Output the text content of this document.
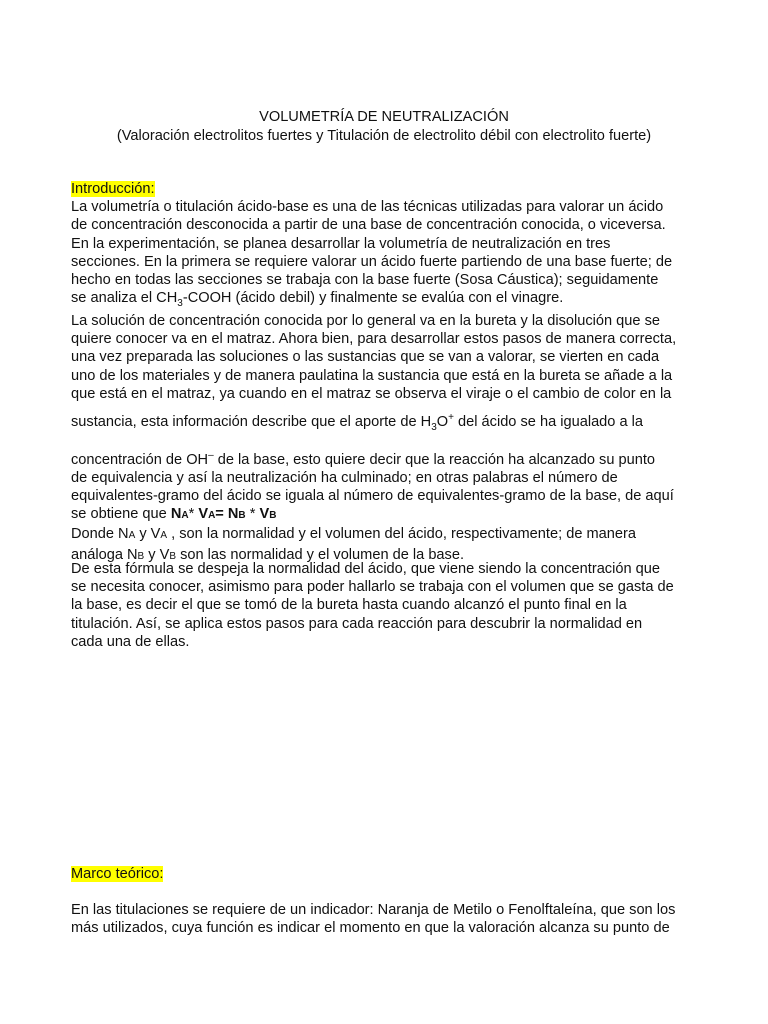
VOLUMETRÍA DE NEUTRALIZACIÓN
(Valoración electrolitos fuertes y Titulación de electrolito débil con electrolito fuerte)
Introducción:
La volumetría o titulación ácido-base es una de las técnicas utilizadas para valorar un ácido
de concentración desconocida a partir de una base de concentración conocida, o viceversa.
En la experimentación, se planea desarrollar la volumetría de neutralización en tres
secciones. En la primera se requiere valorar un ácido fuerte partiendo de una base fuerte; de
hecho en todas las secciones se trabaja con la base fuerte (Sosa Cáustica); seguidamente
se analiza el $CH_3$-COOH (ácido debil) y finalmente se evalúa con el vinagre.
La solución de concentración conocida por lo general va en la bureta y la disolución que se
quiere conocer va en el matraz. Ahora bien, para desarrollar estos pasos de manera correcta,
una vez preparada las soluciones o las sustancias que se van a valorar, se vierten en cada
uno de los materiales y de manera paulatina la sustancia que está en la bureta se añade a la
que está en el matraz, ya cuando en el matraz se observa el viraje o el cambio de color en la
sustancia, esta información describe que el aporte de $H_3O^+$ del ácido se ha igualado a la
concentración de OH– de la base, esto quiere decir que la reacción ha alcanzado su punto
de equivalencia y así la neutralización ha culminado; en otras palabras el número de
equivalentes-gramo del ácido se iguala al número de equivalentes-gramo de la base, de aquí
se obtiene que NA* VA= NB * VB
Donde NA y VA , son la normalidad y el volumen del ácido, respectivamente; de manera
análoga NB y VB son las normalidad y el volumen de la base.
De esta fórmula se despeja la normalidad del ácido, que viene siendo la concentración que
se necesita conocer, asimismo para poder hallarlo se trabaja con el volumen que se gasta de
la base, es decir el que se tomó de la bureta hasta cuando alcanzó el punto final en la
titulación. Así, se aplica estos pasos para cada reacción para descubrir la normalidad en
cada una de ellas.
Marco teórico:
En las titulaciones se requiere de un indicador: Naranja de Metilo o Fenolftaleína, que son los
más utilizados, cuya función es indicar el momento en que la valoración alcanza su punto de
